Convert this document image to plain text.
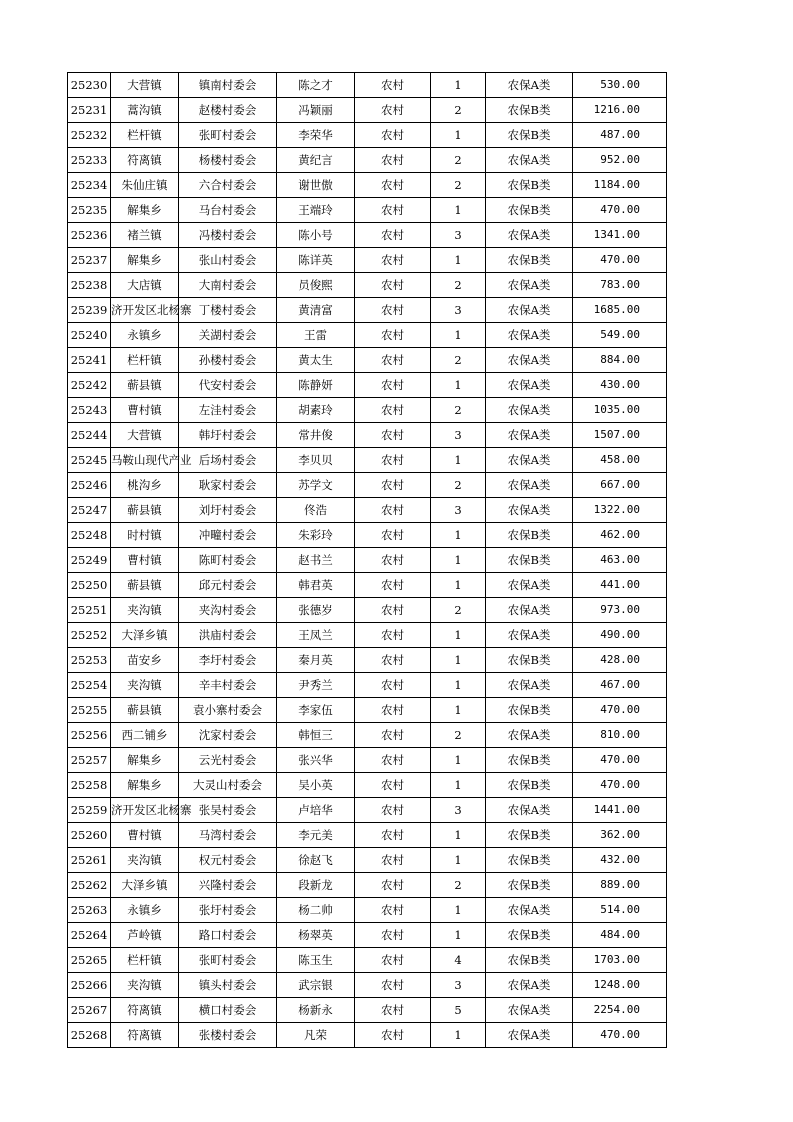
25230	大营镇	镇南村委会	陈之才	农村	1	农保A类	530.00
25231	蒿沟镇	赵楼村委会	冯颖丽	农村	2	农保B类	1216.00
25232	栏杆镇	张町村委会	李荣华	农村	1	农保B类	487.00
25233	符离镇	杨楼村委会	黄纪言	农村	2	农保A类	952.00
25234	朱仙庄镇	六合村委会	谢世傲	农村	2	农保B类	1184.00
25235	解集乡	马台村委会	王端玲	农村	1	农保B类	470.00
25236	褚兰镇	冯楼村委会	陈小号	农村	3	农保A类	1341.00
25237	解集乡	张山村委会	陈详英	农村	1	农保B类	470.00
25238	大店镇	大南村委会	员俊熙	农村	2	农保A类	783.00
25239	济开发区北杨寨	丁楼村委会	黄清富	农村	3	农保A类	1685.00
25240	永镇乡	关湖村委会	王雷	农村	1	农保A类	549.00
25241	栏杆镇	孙楼村委会	黄太生	农村	2	农保A类	884.00
25242	蕲县镇	代安村委会	陈静妍	农村	1	农保A类	430.00
25243	曹村镇	左洼村委会	胡素玲	农村	2	农保A类	1035.00
25244	大营镇	韩圩村委会	常井俊	农村	3	农保A类	1507.00
25245	马鞍山现代产业	后场村委会	李贝贝	农村	1	农保A类	458.00
25246	桃沟乡	耿家村委会	苏学文	农村	2	农保A类	667.00
25247	蕲县镇	刘圩村委会	佟浩	农村	3	农保A类	1322.00
25248	时村镇	冲疃村委会	朱彩玲	农村	1	农保B类	462.00
25249	曹村镇	陈町村委会	赵书兰	农村	1	农保B类	463.00
25250	蕲县镇	邱元村委会	韩君英	农村	1	农保A类	441.00
25251	夹沟镇	夹沟村委会	张德岁	农村	2	农保A类	973.00
25252	大泽乡镇	洪庙村委会	王凤兰	农村	1	农保A类	490.00
25253	苗安乡	李圩村委会	秦月英	农村	1	农保B类	428.00
25254	夹沟镇	辛丰村委会	尹秀兰	农村	1	农保A类	467.00
25255	蕲县镇	袁小寨村委会	李家伍	农村	1	农保B类	470.00
25256	西二铺乡	沈家村委会	韩恒三	农村	2	农保A类	810.00
25257	解集乡	云光村委会	张兴华	农村	1	农保B类	470.00
25258	解集乡	大灵山村委会	吴小英	农村	1	农保B类	470.00
25259	济开发区北杨寨	张吴村委会	卢培华	农村	3	农保A类	1441.00
25260	曹村镇	马湾村委会	李元美	农村	1	农保B类	362.00
25261	夹沟镇	权元村委会	徐赵飞	农村	1	农保B类	432.00
25262	大泽乡镇	兴隆村委会	段新龙	农村	2	农保B类	889.00
25263	永镇乡	张圩村委会	杨二帅	农村	1	农保A类	514.00
25264	芦岭镇	路口村委会	杨翠英	农村	1	农保B类	484.00
25265	栏杆镇	张町村委会	陈玉生	农村	4	农保B类	1703.00
25266	夹沟镇	镇头村委会	武宗银	农村	3	农保A类	1248.00
25267	符离镇	横口村委会	杨新永	农村	5	农保A类	2254.00
25268	符离镇	张楼村委会	凡荣	农村	1	农保A类	470.00
